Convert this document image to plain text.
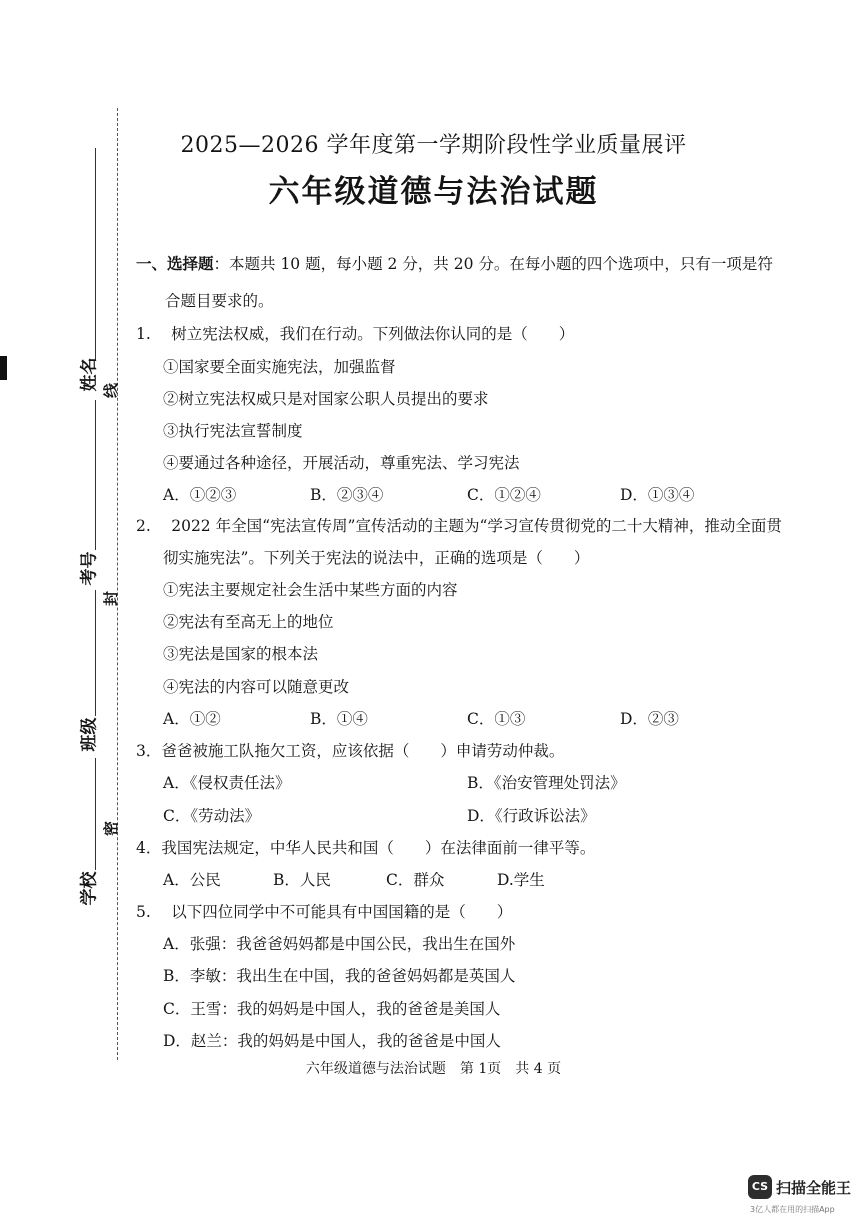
姓名 线
考号
封
班级
密
学校
2025—2026 学年度第一学期阶段性学业质量展评
六年级道德与法治试题
一、选择题：本题共 10 题，每小题 2 分，共 20 分。在每小题的四个选项中，只有一项是符
合题目要求的。
1.　 树立宪法权威，我们在行动。下列做法你认同的是（　　）
①国家要全面实施宪法，加强监督
②树立宪法权威只是对国家公职人员提出的要求
③执行宪法宣誓制度
④要通过各种途径，开展活动，尊重宪法、学习宪法
A．①②③	B．②③④	C．①②④	D．①③④
2.　 2022 年全国“宪法宣传周”宣传活动的主题为“学习宣传贯彻党的二十大精神，推动全面贯
彻实施宪法”。下列关于宪法的说法中，正确的选项是（　　）
①宪法主要规定社会生活中某些方面的内容
②宪法有至高无上的地位
③宪法是国家的根本法
④宪法的内容可以随意更改
A．①②	B．①④	C．①③	D．②③
3．爸爸被施工队拖欠工资，应该依据（　　）申请劳动仲裁。
A．《侵权责任法》	B．《治安管理处罚法》
C．《劳动法》	D．《行政诉讼法》
4．我国宪法规定，中华人民共和国（　　）在法律面前一律平等。
A．公民	B．人民	C．群众	D.学生
5.　 以下四位同学中不可能具有中国国籍的是（　　）
A．张强：我爸爸妈妈都是中国公民，我出生在国外
B．李敏：我出生在中国，我的爸爸妈妈都是英国人
C．王雪：我的妈妈是中国人，我的爸爸是美国人
D．赵兰：我的妈妈是中国人，我的爸爸是中国人
六年级道德与法治试题　第 1页　共 4 页
CS 扫描全能王
3亿人都在用的扫描App
